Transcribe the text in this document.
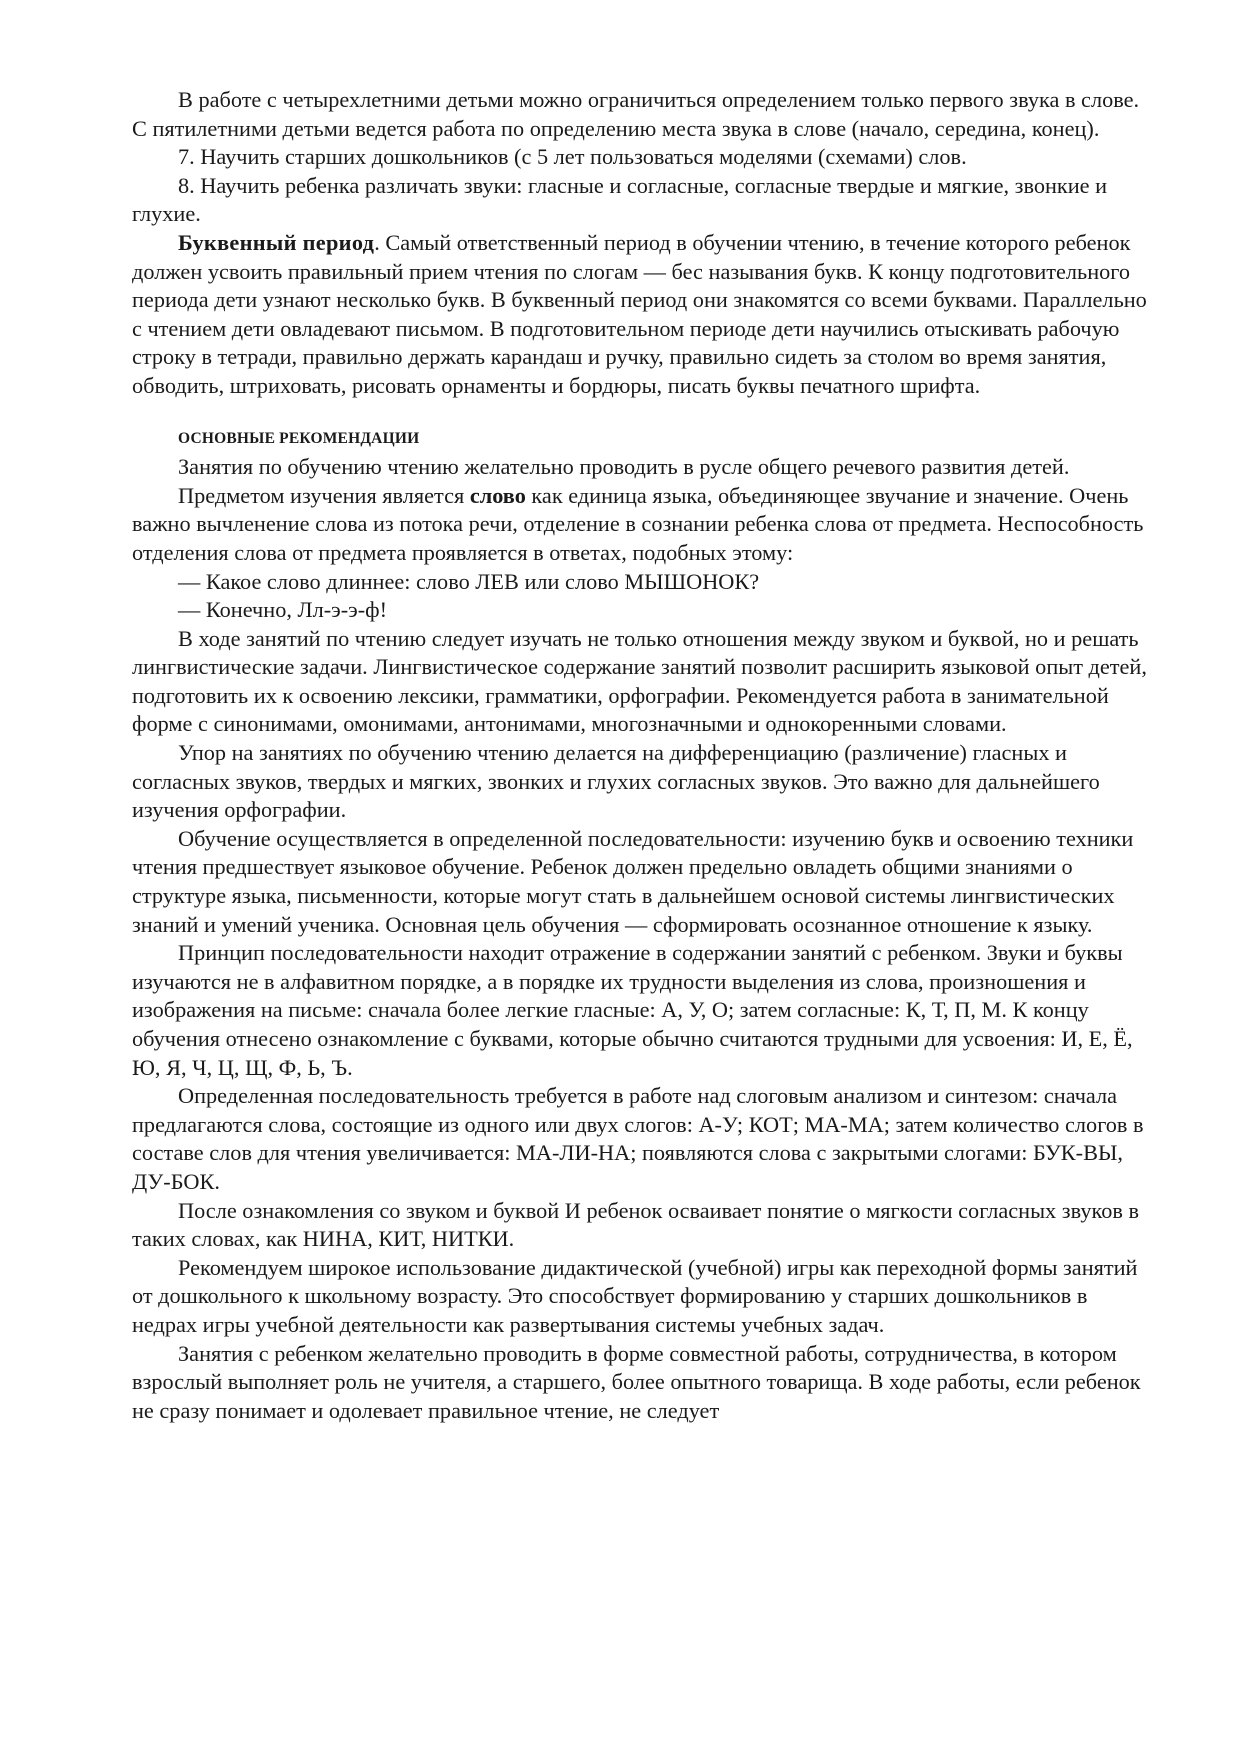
В работе с четырехлетними детьми можно ограничиться определением только первого звука в слове. С пятилетними детьми ведется работа по определению места звука в слове (начало, середина, конец).

7. Научить старших дошкольников (с 5 лет пользоваться моделями (схемами) слов.

8. Научить ребенка различать звуки: гласные и согласные, согласные твердые и мягкие, звонкие и глухие.

Буквенный период. Самый ответственный период в обучении чтению, в течение которого ребенок должен усвоить правильный прием чтения по слогам — бес называния букв. К концу подготовительного периода дети узнают несколько букв. В буквенный период они знакомятся со всеми буквами. Параллельно с чтением дети овладевают письмом. В подготовительном периоде дети научились отыскивать рабочую строку в тетради, правильно держать карандаш и ручку, правильно сидеть за столом во время занятия, обводить, штриховать, рисовать орнаменты и бордюры, писать буквы печатного шрифта.

ОСНОВНЫЕ РЕКОМЕНДАЦИИ

Занятия по обучению чтению желательно проводить в русле общего речевого развития детей.

Предметом изучения является слово как единица языка, объединяющее звучание и значение. Очень важно вычленение слова из потока речи, отделение в сознании ребенка слова от предмета. Неспособность отделения слова от предмета проявляется в ответах, подобных этому:

— Какое слово длиннее: слово ЛЕВ или слово МЫШОНОК?

— Конечно, Лл-э-э-ф!

В ходе занятий по чтению следует изучать не только отношения между звуком и буквой, но и решать лингвистические задачи. Лингвистическое содержание занятий позволит расширить языковой опыт детей, подготовить их к освоению лексики, грамматики, орфографии. Рекомендуется работа в занимательной форме с синонимами, омонимами, антонимами, многозначными и однокоренными словами.

Упор на занятиях по обучению чтению делается на дифференциацию (различение) гласных и согласных звуков, твердых и мягких, звонких и глухих согласных звуков. Это важно для дальнейшего изучения орфографии.

Обучение осуществляется в определенной последовательности: изучению букв и освоению техники чтения предшествует языковое обучение. Ребенок должен предельно овладеть общими знаниями о структуре языка, письменности, которые могут стать в дальнейшем основой системы лингвистических знаний и умений ученика. Основная цель обучения — сформировать осознанное отношение к языку.

Принцип последовательности находит отражение в содержании занятий с ребенком. Звуки и буквы изучаются не в алфавитном порядке, а в порядке их трудности выделения из слова, произношения и изображения на письме: сначала более легкие гласные: А, У, О; затем согласные: К, Т, П, М. К концу обучения отнесено ознакомление с буквами, которые обычно считаются трудными для усвоения: И, Е, Ё, Ю, Я, Ч, Ц, Щ, Ф, Ь, Ъ.

Определенная последовательность требуется в работе над слоговым анализом и синтезом: сначала предлагаются слова, состоящие из одного или двух слогов: А-У; КОТ; МА-МА; затем количество слогов в составе слов для чтения увеличивается: МА-ЛИ-НА; появляются слова с закрытыми слогами: БУК-ВЫ, ДУ-БОК.

После ознакомления со звуком и буквой И ребенок осваивает понятие о мягкости согласных звуков в таких словах, как НИНА, КИТ, НИТКИ.

Рекомендуем широкое использование дидактической (учебной) игры как переходной формы занятий от дошкольного к школьному возрасту. Это способствует формированию у старших дошкольников в недрах игры учебной деятельности как развертывания системы учебных задач.

Занятия с ребенком желательно проводить в форме совместной работы, сотрудничества, в котором взрослый выполняет роль не учителя, а старшего, более опытного товарища. В ходе работы, если ребенок не сразу понимает и одолевает правильное чтение, не следует
